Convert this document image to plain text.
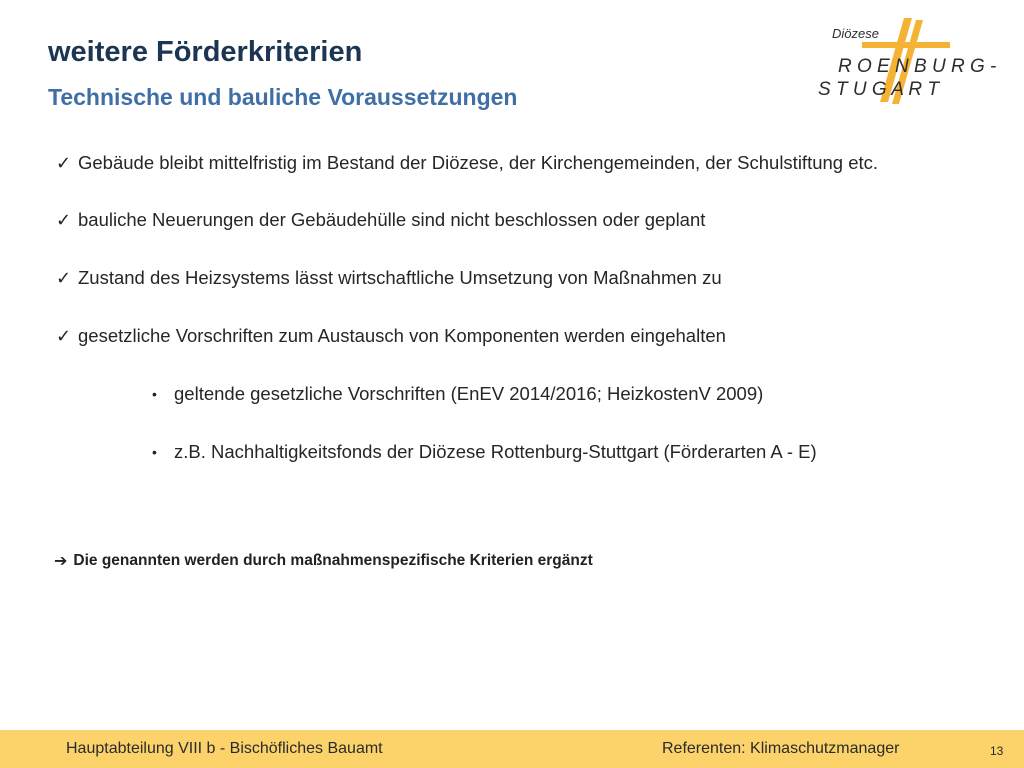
weitere Förderkriterien
Technische und bauliche Voraussetzungen
Diözese
R O E N B U R G -
S T U G A R T
✓ Gebäude bleibt mittelfristig im Bestand der Diözese, der Kirchengemeinden, der Schulstiftung etc.
✓ bauliche Neuerungen der Gebäudehülle sind nicht beschlossen oder geplant
✓ Zustand des Heizsystems lässt wirtschaftliche Umsetzung von Maßnahmen zu
✓ gesetzliche Vorschriften zum Austausch von Komponenten werden eingehalten
• geltende gesetzliche Vorschriften (EnEV 2014/2016; HeizkostenV 2009)
• z.B. Nachhaltigkeitsfonds der Diözese Rottenburg-Stuttgart (Förderarten A - E)
➔ Die genannten werden durch maßnahmenspezifische Kriterien ergänzt
Hauptabteilung VIII b - Bischöfliches Bauamt	Referenten: Klimaschutzmanager	13
